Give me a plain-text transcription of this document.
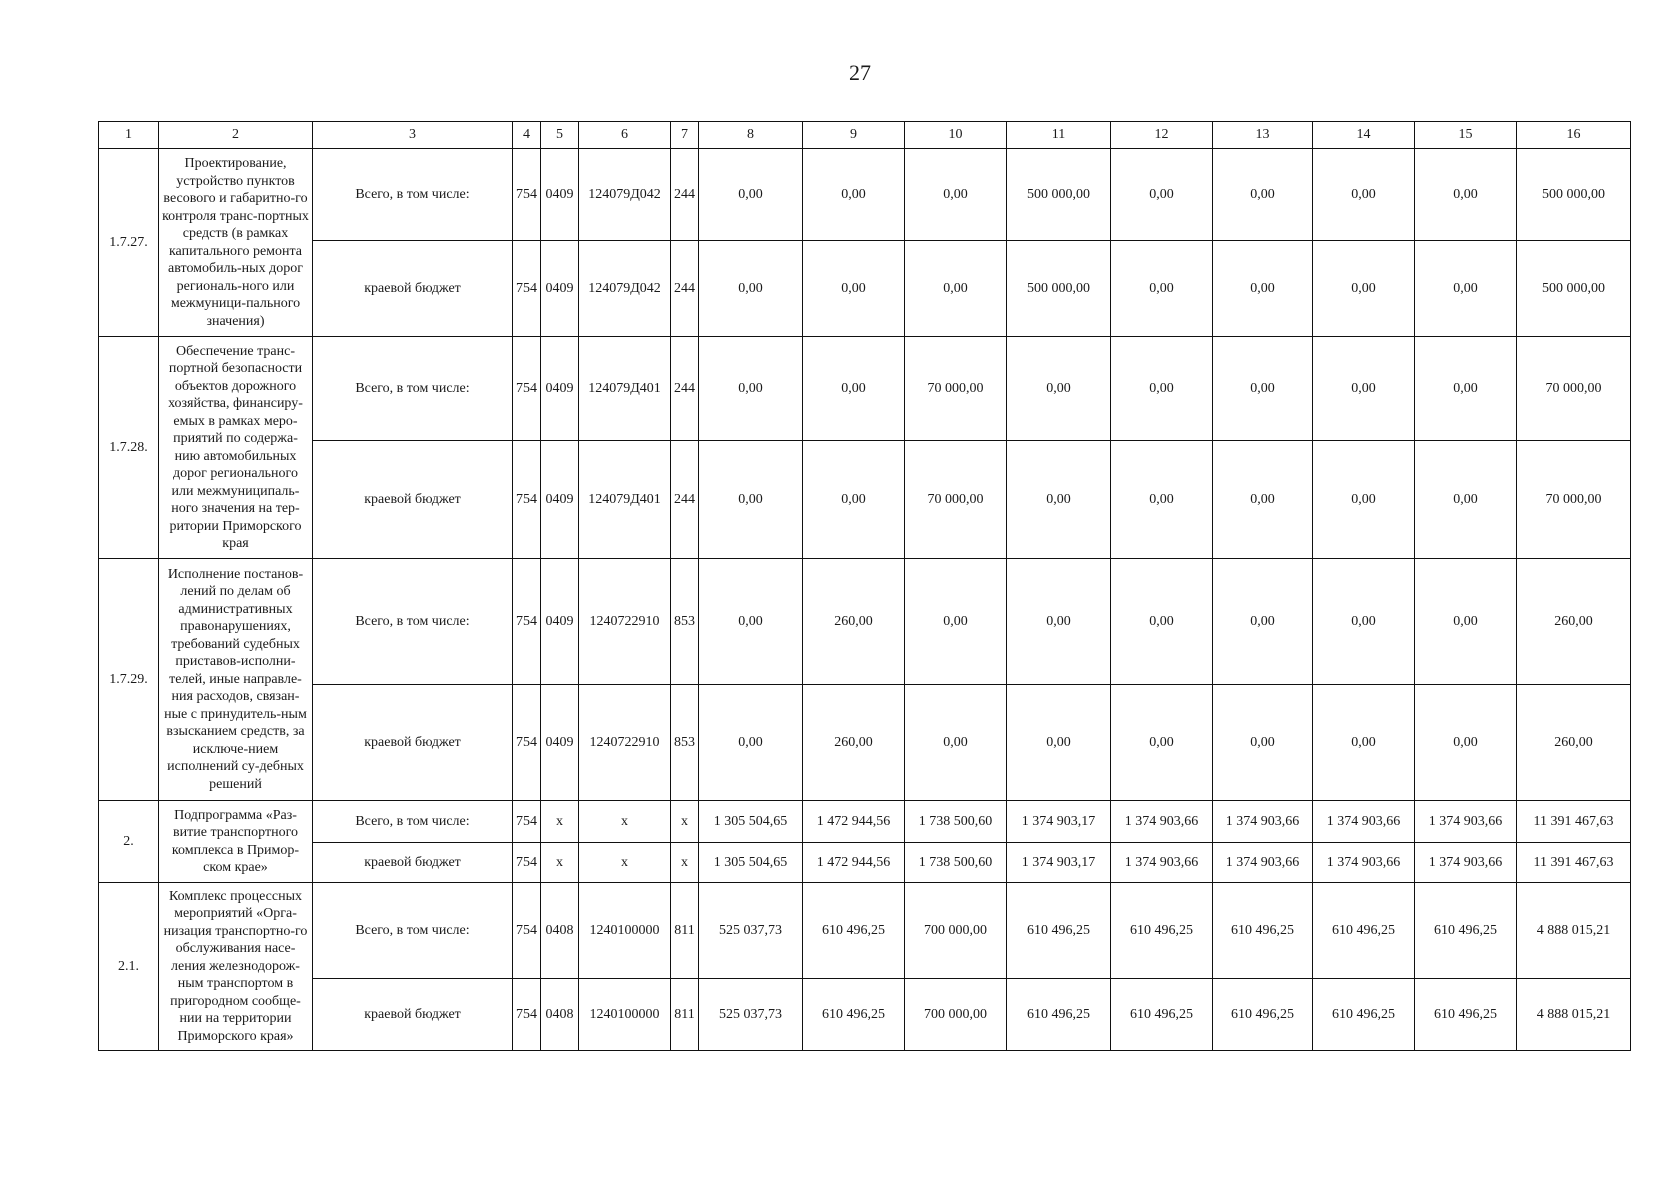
27
1	2	3	4	5	6	7	8	9	10	11	12	13	14	15	16
1.7.27.	Проектирование, устройство пунктов весового и габаритно-го контроля транс-портных средств (в рамках капитального ремонта автомобиль-ных дорог региональ-ного или межмуници-пального значения)	Всего, в том числе:	754	0409	124079Д042	244	0,00	0,00	0,00	500 000,00	0,00	0,00	0,00	0,00	500 000,00
		краевой бюджет	754	0409	124079Д042	244	0,00	0,00	0,00	500 000,00	0,00	0,00	0,00	0,00	500 000,00
1.7.28.	Обеспечение транс-портной безопасности объектов дорожного хозяйства, финансиру-емых в рамках меро-приятий по содержа-нию автомобильных дорог регионального или межмуниципаль-ного значения на тер-ритории Приморского края	Всего, в том числе:	754	0409	124079Д401	244	0,00	0,00	70 000,00	0,00	0,00	0,00	0,00	0,00	70 000,00
		краевой бюджет	754	0409	124079Д401	244	0,00	0,00	70 000,00	0,00	0,00	0,00	0,00	0,00	70 000,00
1.7.29.	Исполнение постанов-лений по делам об административных правонарушениях, требований судебных приставов-исполни-телей, иные направле-ния расходов, связан-ные с принудитель-ным взысканием средств, за исключе-нием исполнений су-дебных решений	Всего, в том числе:	754	0409	1240722910	853	0,00	260,00	0,00	0,00	0,00	0,00	0,00	0,00	260,00
		краевой бюджет	754	0409	1240722910	853	0,00	260,00	0,00	0,00	0,00	0,00	0,00	0,00	260,00
2.	Подпрограмма «Раз-витие транспортного комплекса в Примор-ском крае»	Всего, в том числе:	754	x	x	x	1 305 504,65	1 472 944,56	1 738 500,60	1 374 903,17	1 374 903,66	1 374 903,66	1 374 903,66	1 374 903,66	11 391 467,63
		краевой бюджет	754	x	x	x	1 305 504,65	1 472 944,56	1 738 500,60	1 374 903,17	1 374 903,66	1 374 903,66	1 374 903,66	1 374 903,66	11 391 467,63
2.1.	Комплекс процессных мероприятий «Орга-низация транспортно-го обслуживания насе-ления железнодорож-ным транспортом в пригородном сообще-нии на территории Приморского края»	Всего, в том числе:	754	0408	1240100000	811	525 037,73	610 496,25	700 000,00	610 496,25	610 496,25	610 496,25	610 496,25	610 496,25	4 888 015,21
		краевой бюджет	754	0408	1240100000	811	525 037,73	610 496,25	700 000,00	610 496,25	610 496,25	610 496,25	610 496,25	610 496,25	4 888 015,21
